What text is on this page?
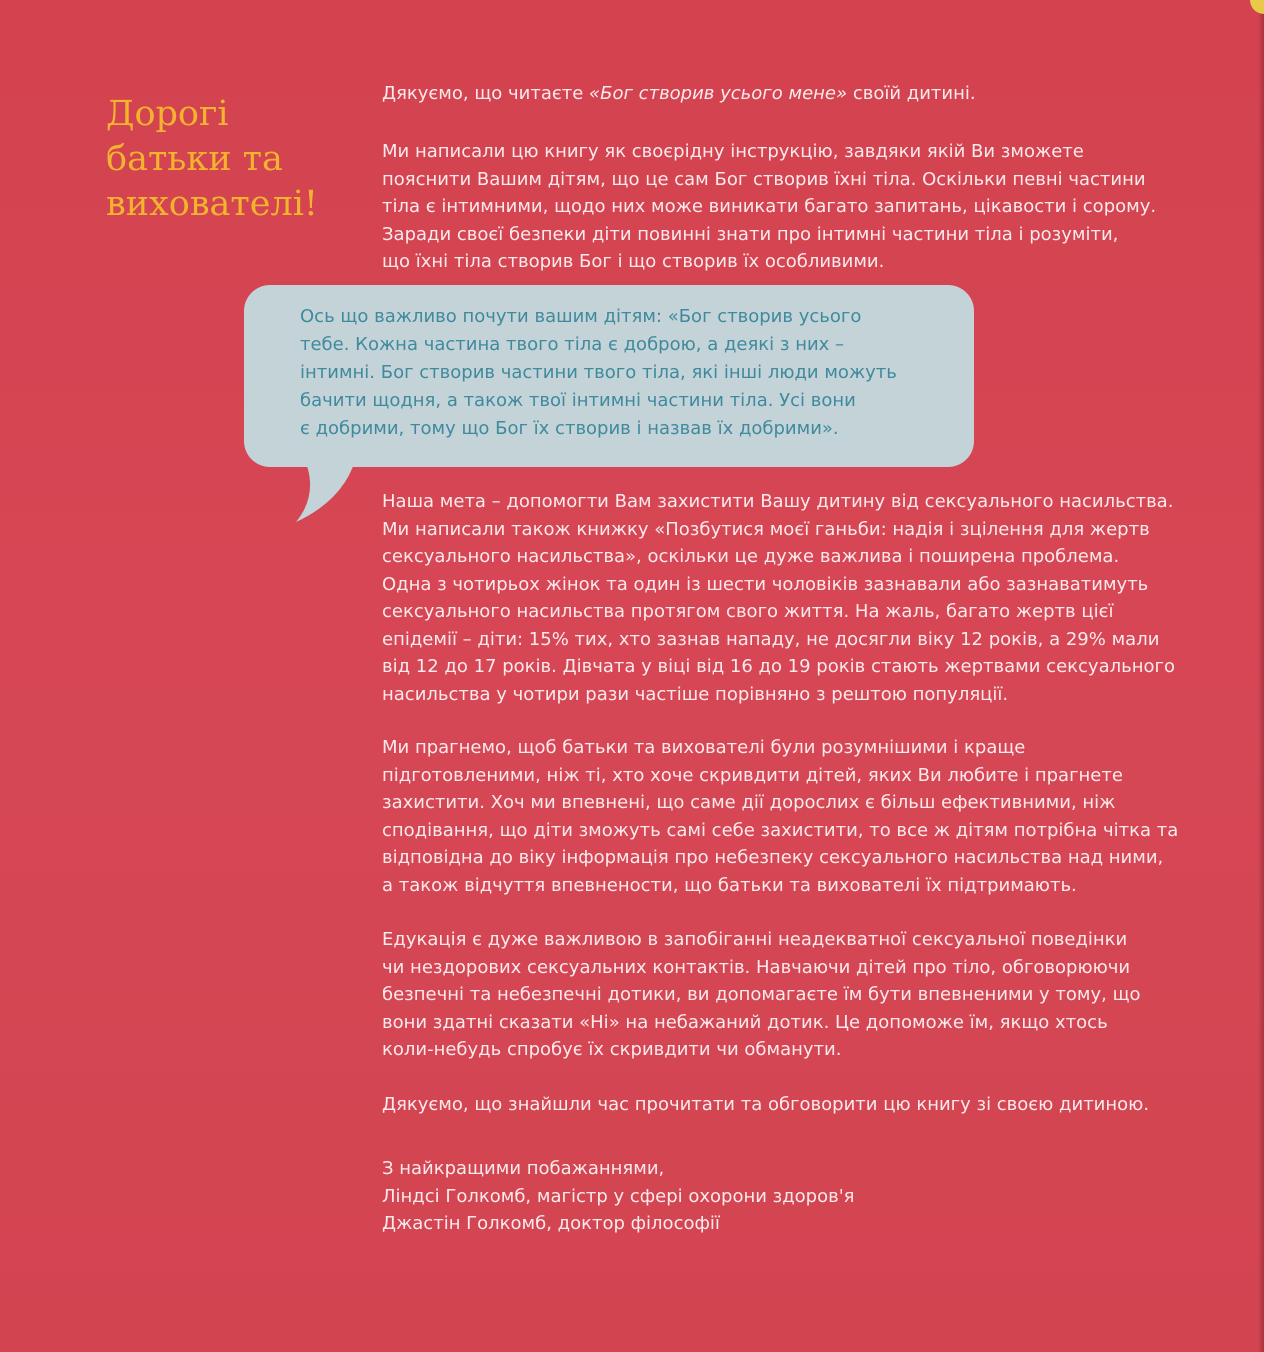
Дорогі
батьки та
вихователі!

Дякуємо, що читаєте «Бог створив усього мене» своїй дитині.

Ми написали цю книгу як своєрідну інструкцію, завдяки якій Ви зможете
пояснити Вашим дітям, що це сам Бог створив їхні тіла. Оскільки певні частини
тіла є інтимними, щодо них може виникати багато запитань, цікавости і сорому.
Заради своєї безпеки діти повинні знати про інтимні частини тіла і розуміти,
що їхні тіла створив Бог і що створив їх особливими.

Ось що важливо почути вашим дітям: «Бог створив усього
тебе. Кожна частина твого тіла є доброю, а деякі з них –
інтимні. Бог створив частини твого тіла, які інші люди можуть
бачити щодня, а також твої інтимні частини тіла. Усі вони
є добрими, тому що Бог їх створив і назвав їх добрими».

Наша мета – допомогти Вам захистити Вашу дитину від сексуального насильства.
Ми написали також книжку «Позбутися моєї ганьби: надія і зцілення для жертв
сексуального насильства», оскільки це дуже важлива і поширена проблема.
Одна з чотирьох жінок та один із шести чоловіків зазнавали або зазнаватимуть
сексуального насильства протягом свого життя. На жаль, багато жертв цієї
епідемії – діти: 15% тих, хто зазнав нападу, не досягли віку 12 років, а 29% мали
від 12 до 17 років. Дівчата у віці від 16 до 19 років стають жертвами сексуального
насильства у чотири рази частіше порівняно з рештою популяції.

Ми прагнемо, щоб батьки та вихователі були розумнішими і краще
підготовленими, ніж ті, хто хоче скривдити дітей, яких Ви любите і прагнете
захистити. Хоч ми впевнені, що саме дії дорослих є більш ефективними, ніж
сподівання, що діти зможуть самі себе захистити, то все ж дітям потрібна чітка та
відповідна до віку інформація про небезпеку сексуального насильства над ними,
а також відчуття впевнености, що батьки та вихователі їх підтримають.

Едукація є дуже важливою в запобіганні неадекватної сексуальної поведінки
чи нездорових сексуальних контактів. Навчаючи дітей про тіло, обговорюючи
безпечні та небезпечні дотики, ви допомагаєте їм бути впевненими у тому, що
вони здатні сказати «Ні» на небажаний дотик. Це допоможе їм, якщо хтось
коли-небудь спробує їх скривдити чи обманути.

Дякуємо, що знайшли час прочитати та обговорити цю книгу зі своєю дитиною.

З найкращими побажаннями,
Ліндсі Голкомб, магістр у сфері охорони здоров'я
Джастін Голкомб, доктор філософії
